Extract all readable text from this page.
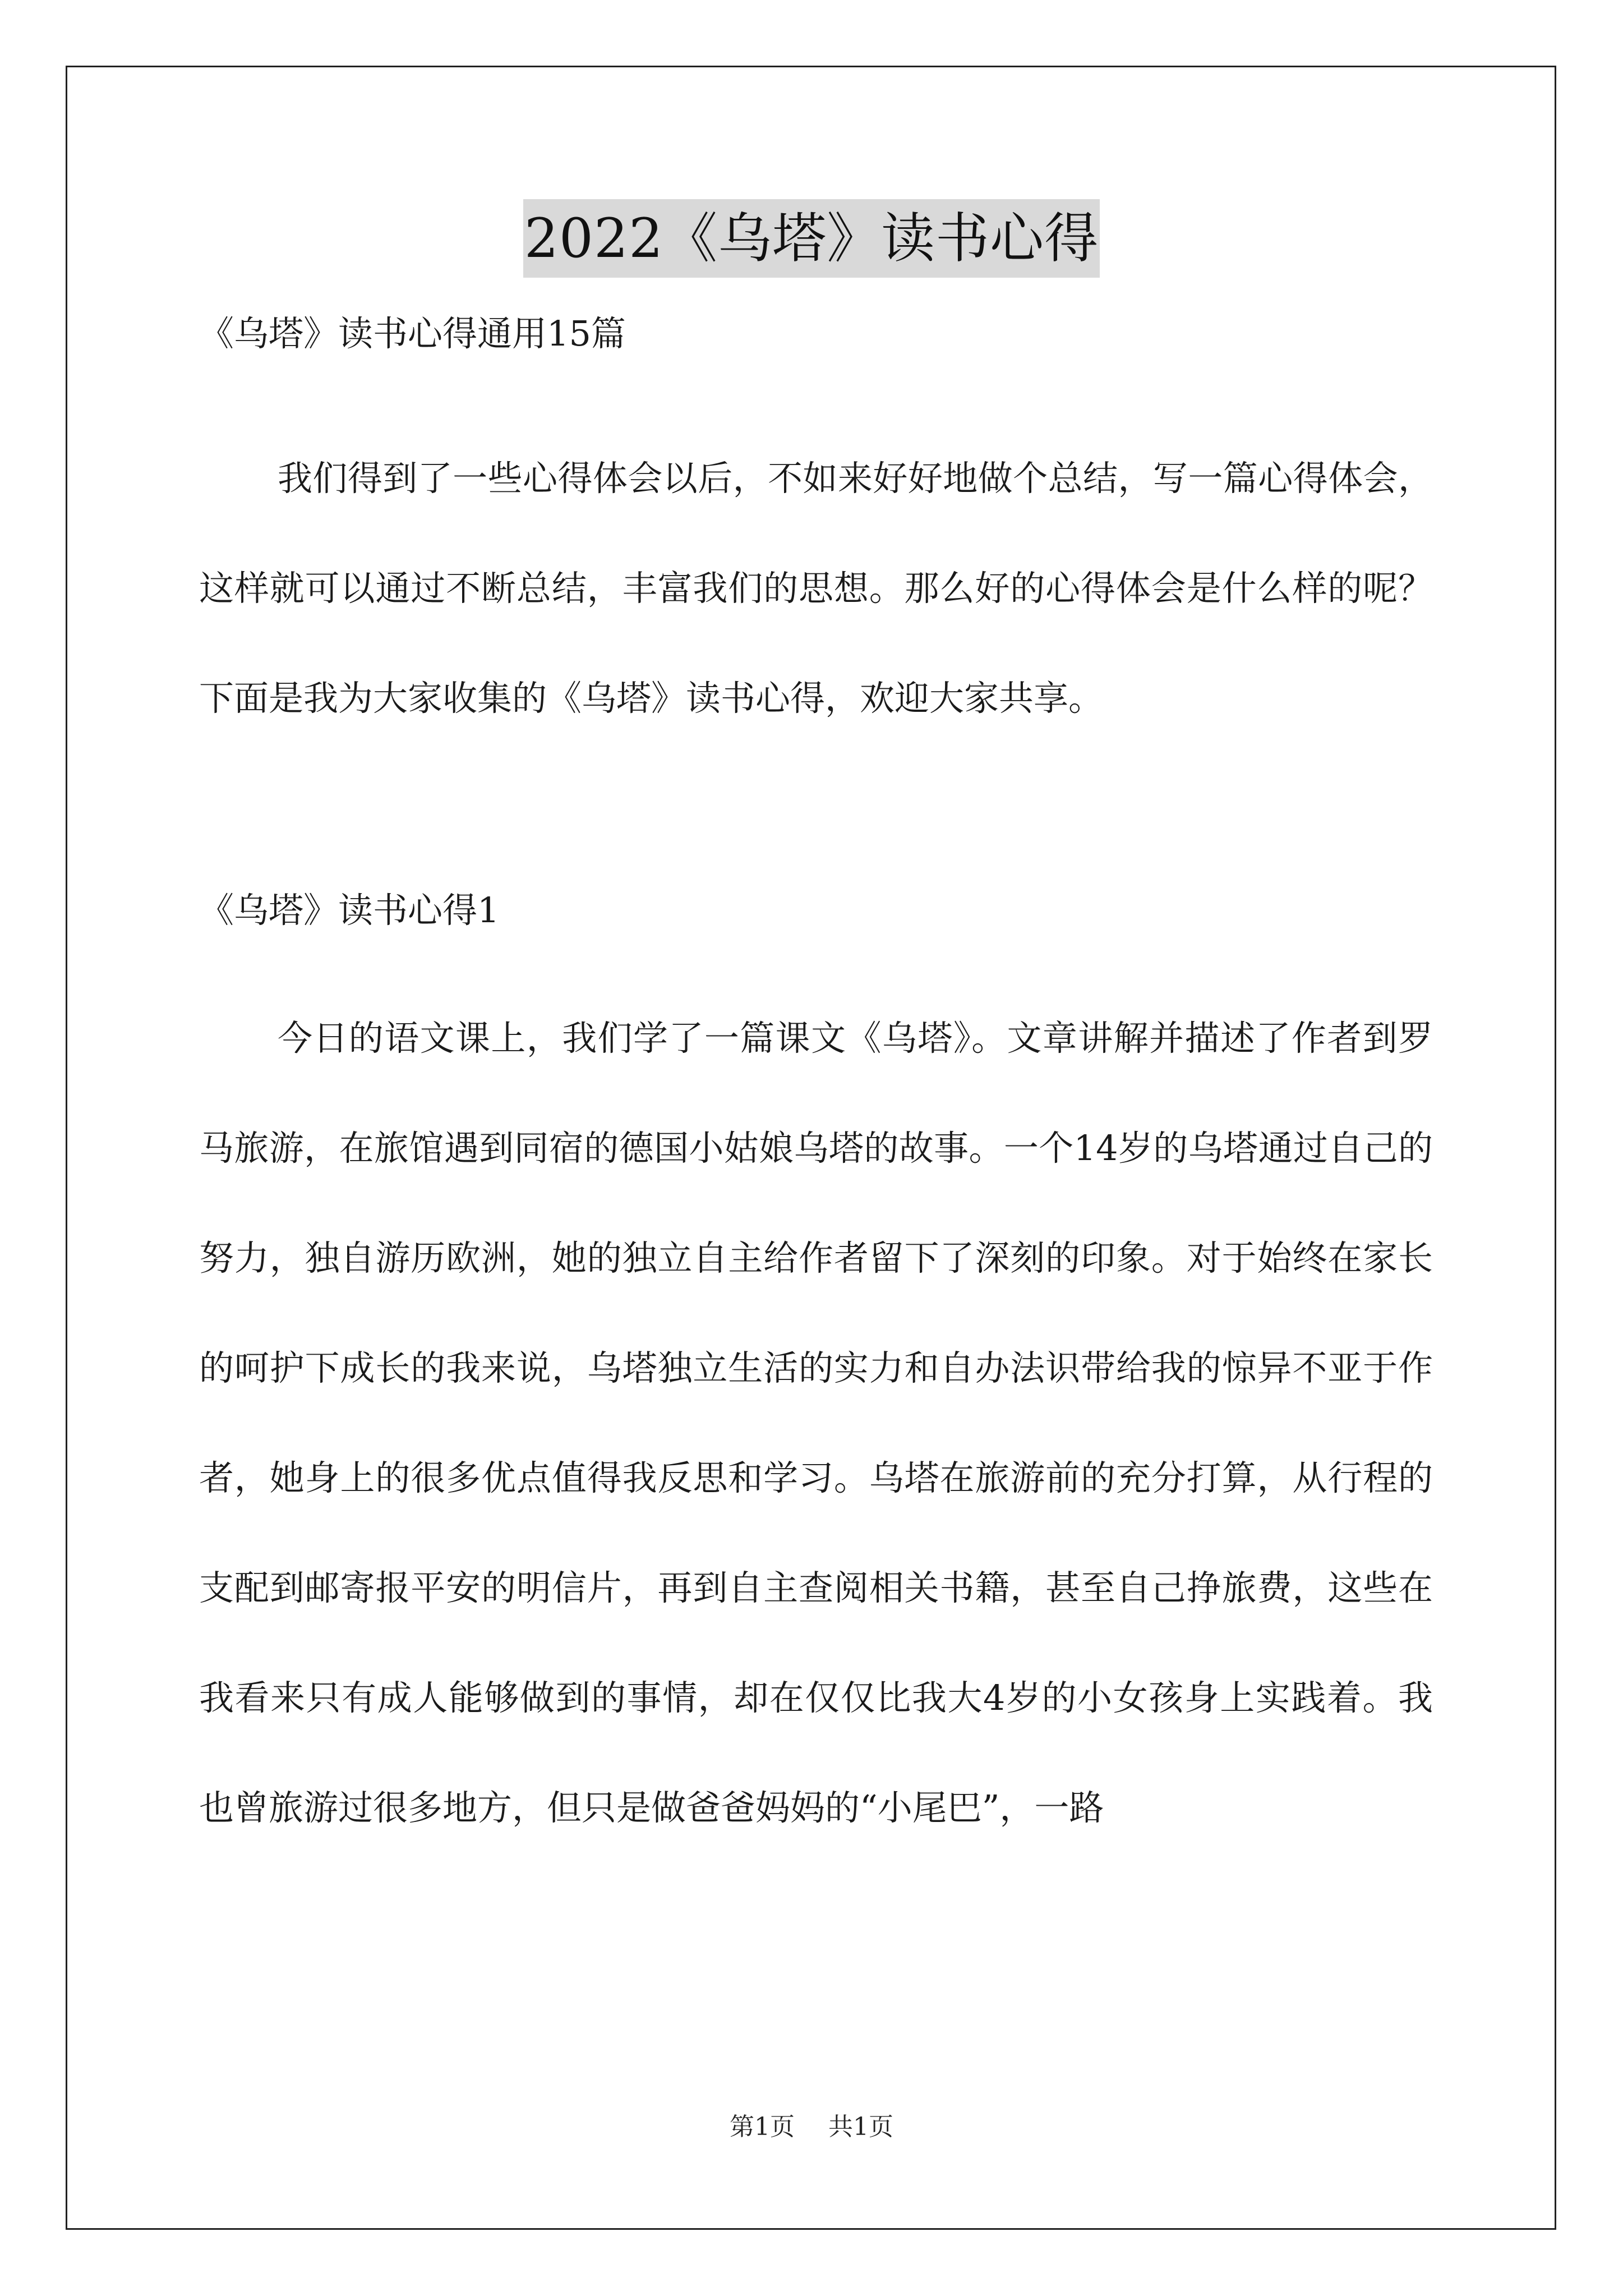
2022《乌塔》读书心得

《乌塔》读书心得通用15篇

我们得到了一些心得体会以后，不如来好好地做个总结，写一篇心得体会，这样就可以通过不断总结，丰富我们的思想。那么好的心得体会是什么样的呢？下面是我为大家收集的《乌塔》读书心得，欢迎大家共享。

《乌塔》读书心得1

今日的语文课上，我们学了一篇课文《乌塔》。文章讲解并描述了作者到罗马旅游，在旅馆遇到同宿的德国小姑娘乌塔的故事。一个14岁的乌塔通过自己的努力，独自游历欧洲，她的独立自主给作者留下了深刻的印象。对于始终在家长的呵护下成长的我来说，乌塔独立生活的实力和自办法识带给我的惊异不亚于作者，她身上的很多优点值得我反思和学习。乌塔在旅游前的充分打算，从行程的支配到邮寄报平安的明信片，再到自主查阅相关书籍，甚至自己挣旅费，这些在我看来只有成人能够做到的事情，却在仅仅比我大4岁的小女孩身上实践着。我也曾旅游过很多地方，但只是做爸爸妈妈的“小尾巴”，一路

第1页 共1页
